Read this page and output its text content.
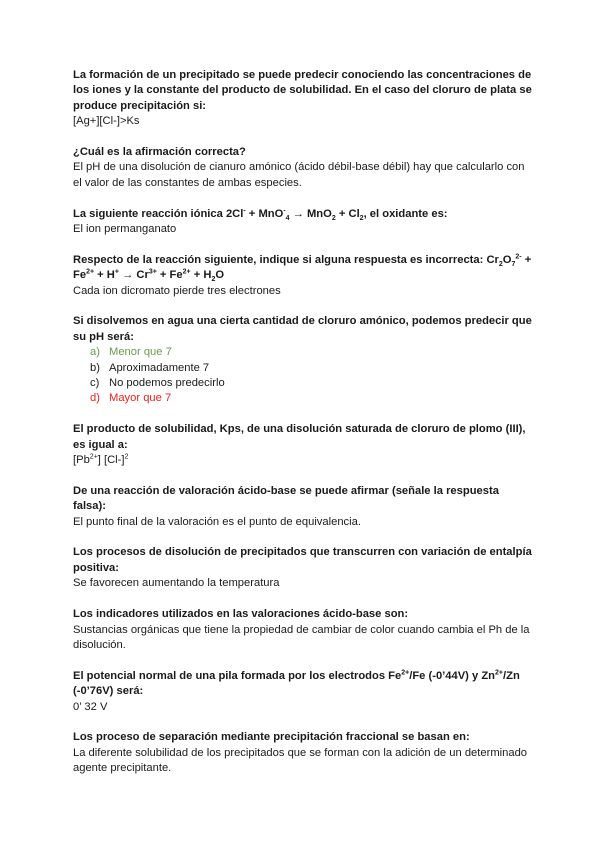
La formación de un precipitado se puede predecir conociendo las concentraciones de los iones y la constante del producto de solubilidad. En el caso del cloruro de plata se produce precipitación si:

[Ag+][Cl-]>Ks

¿Cuál es la afirmación correcta?

El pH de una disolución de cianuro amónico (ácido débil-base débil) hay que calcularlo con el valor de las constantes de ambas especies.

La siguiente reacción iónica $2Cl^- + MnO^-_4 \to MnO_2 + Cl_2$, el oxidante es:

El ion permanganato

Respecto de la reacción siguiente, indique si alguna respuesta es incorrecta: $Cr_2O_7^{2-} + Fe^{2+} + H^+ \to Cr^{3+} + Fe^{2+} + H_2O$

Cada ion dicromato pierde tres electrones

Si disolvemos en agua una cierta cantidad de cloruro amónico, podemos predecir que su pH será:

a) Menor que 7
b) Aproximadamente 7
c) No podemos predecirlo
d) Mayor que 7

El producto de solubilidad, Kps, de una disolución saturada de cloruro de plomo (III), es igual a:

$[Pb^{2+}]$ $[Cl-]^2$

De una reacción de valoración ácido-base se puede afirmar (señale la respuesta falsa):

El punto final de la valoración es el punto de equivalencia.

Los procesos de disolución de precipitados que transcurren con variación de entalpía positiva:

Se favorecen aumentando la temperatura

Los indicadores utilizados en las valoraciones ácido-base son:

Sustancias orgánicas que tiene la propiedad de cambiar de color cuando cambia el Ph de la disolución.

El potencial normal de una pila formada por los electrodos $Fe^{2+}/Fe$ (-0’44V) y $Zn^{2+}/Zn$ (-0’76V) será:

0’ 32 V

Los proceso de separación mediante precipitación fraccional se basan en:

La diferente solubilidad de los precipitados que se forman con la adición de un determinado agente precipitante.
